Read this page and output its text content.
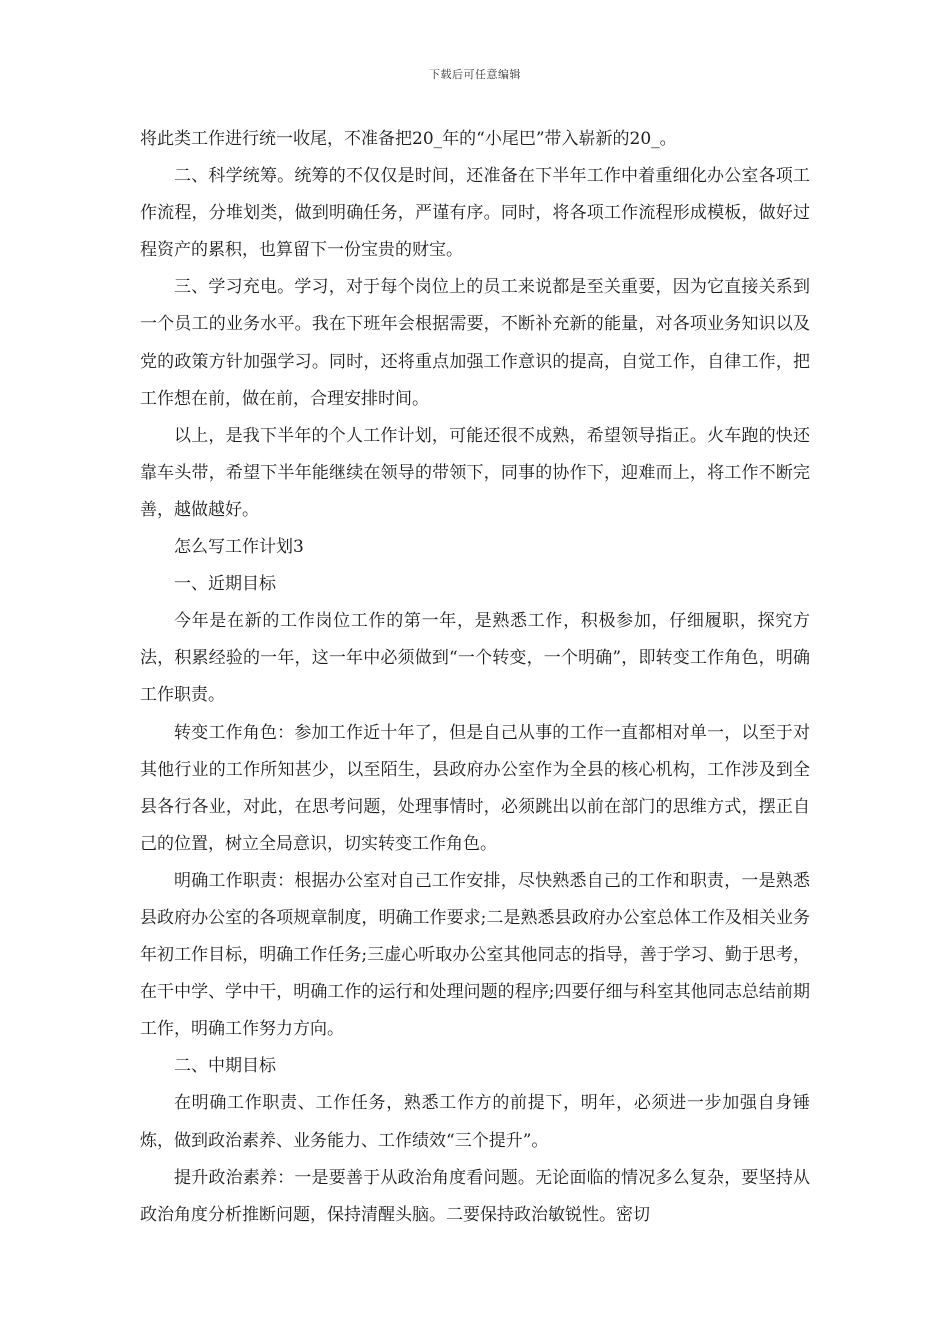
下载后可任意编辑

将此类工作进行统一收尾，不准备把20_年的“小尾巴”带入崭新的20_。

二、科学统筹。统筹的不仅仅是时间，还准备在下半年工作中着重细化办公室各项工作流程，分堆划类，做到明确任务，严谨有序。同时，将各项工作流程形成模板，做好过程资产的累积，也算留下一份宝贵的财宝。

三、学习充电。学习，对于每个岗位上的员工来说都是至关重要，因为它直接关系到一个员工的业务水平。我在下班年会根据需要，不断补充新的能量，对各项业务知识以及党的政策方针加强学习。同时，还将重点加强工作意识的提高，自觉工作，自律工作，把工作想在前，做在前，合理安排时间。

以上，是我下半年的个人工作计划，可能还很不成熟，希望领导指正。火车跑的快还靠车头带，希望下半年能继续在领导的带领下，同事的协作下，迎难而上，将工作不断完善，越做越好。

怎么写工作计划3

一、近期目标

今年是在新的工作岗位工作的第一年，是熟悉工作，积极参加，仔细履职，探究方法，积累经验的一年，这一年中必须做到“一个转变，一个明确”，即转变工作角色，明确工作职责。

转变工作角色：参加工作近十年了，但是自己从事的工作一直都相对单一，以至于对其他行业的工作所知甚少，以至陌生，县政府办公室作为全县的核心机构，工作涉及到全县各行各业，对此，在思考问题，处理事情时，必须跳出以前在部门的思维方式，摆正自己的位置，树立全局意识，切实转变工作角色。

明确工作职责：根据办公室对自己工作安排，尽快熟悉自己的工作和职责，一是熟悉县政府办公室的各项规章制度，明确工作要求;二是熟悉县政府办公室总体工作及相关业务年初工作目标，明确工作任务;三虚心听取办公室其他同志的指导，善于学习、勤于思考，在干中学、学中干，明确工作的运行和处理问题的程序;四要仔细与科室其他同志总结前期工作，明确工作努力方向。

二、中期目标

在明确工作职责、工作任务，熟悉工作方的前提下，明年，必须进一步加强自身锤炼，做到政治素养、业务能力、工作绩效“三个提升”。

提升政治素养：一是要善于从政治角度看问题。无论面临的情况多么复杂，要坚持从政治角度分析推断问题，保持清醒头脑。二要保持政治敏锐性。密切
